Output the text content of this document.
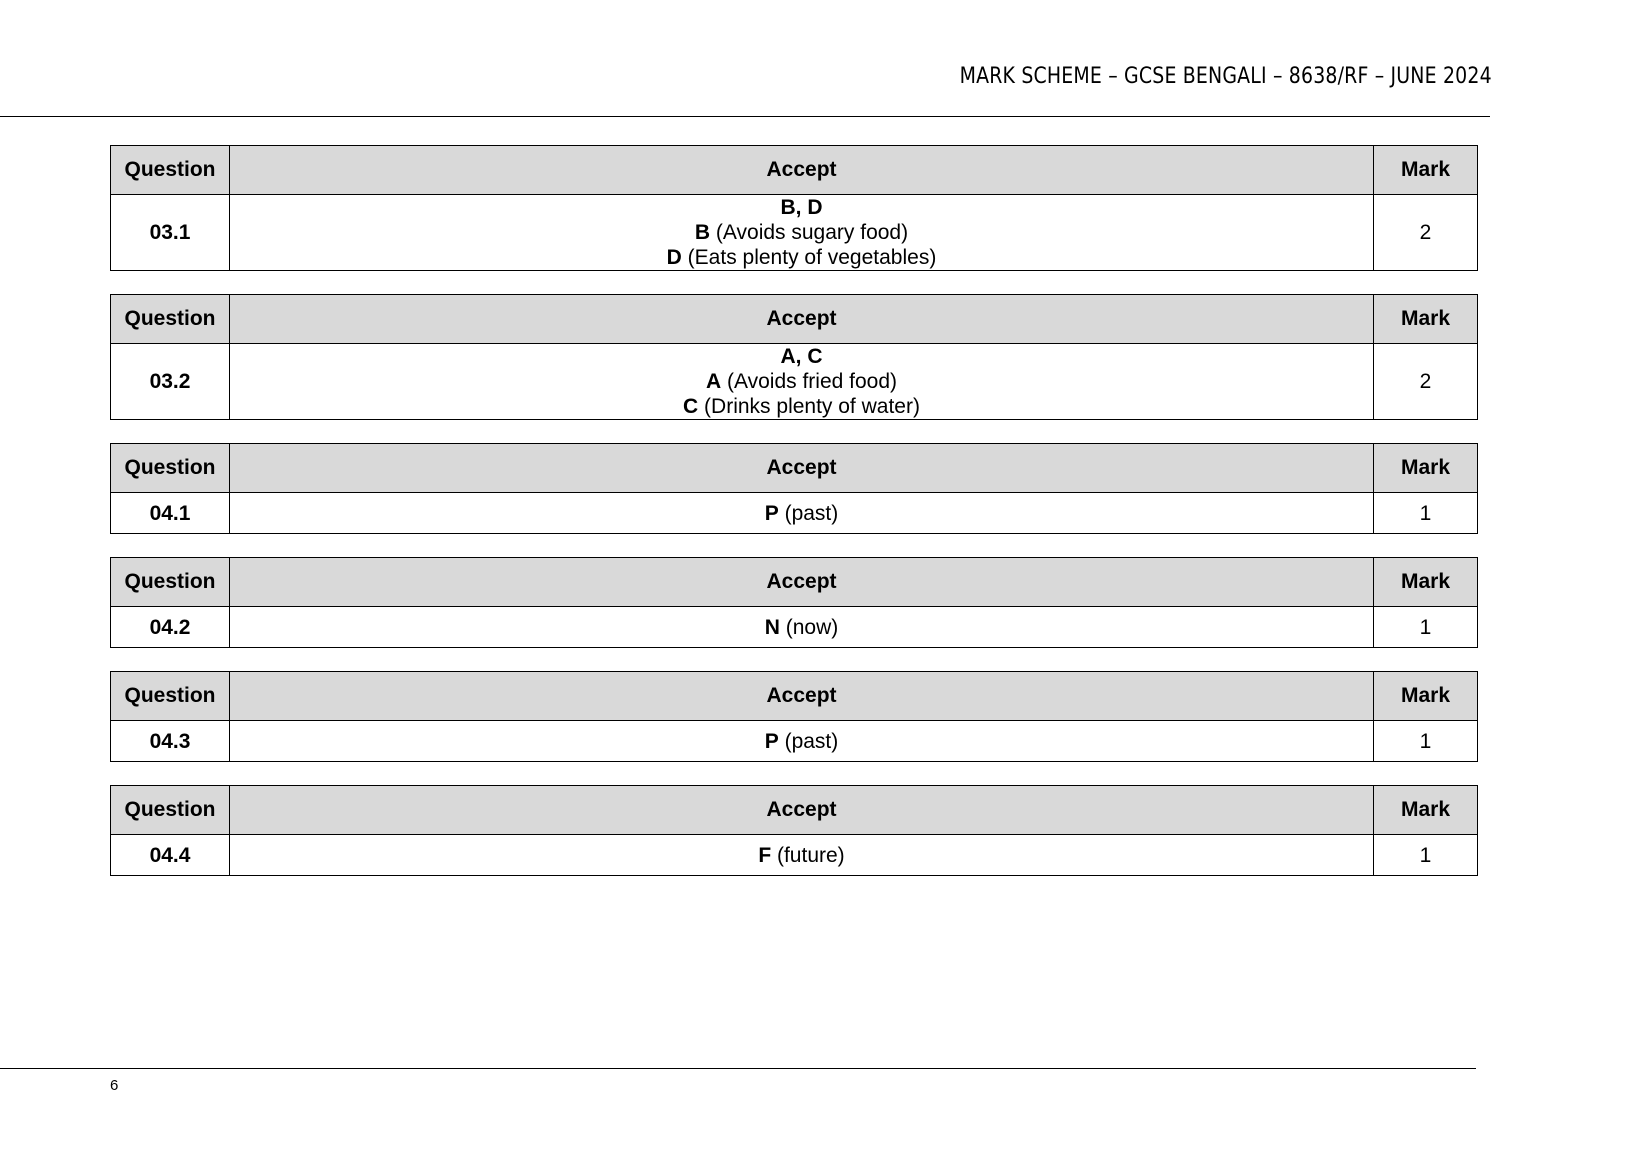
MARK SCHEME – GCSE BENGALI – 8638/RF – JUNE 2024
Question	Accept	Mark
03.1	B, D
B (Avoids sugary food)
D (Eats plenty of vegetables)	2
Question	Accept	Mark
03.2	A, C
A (Avoids fried food)
C (Drinks plenty of water)	2
Question	Accept	Mark
04.1	P (past)	1
Question	Accept	Mark
04.2	N (now)	1
Question	Accept	Mark
04.3	P (past)	1
Question	Accept	Mark
04.4	F (future)	1
6
